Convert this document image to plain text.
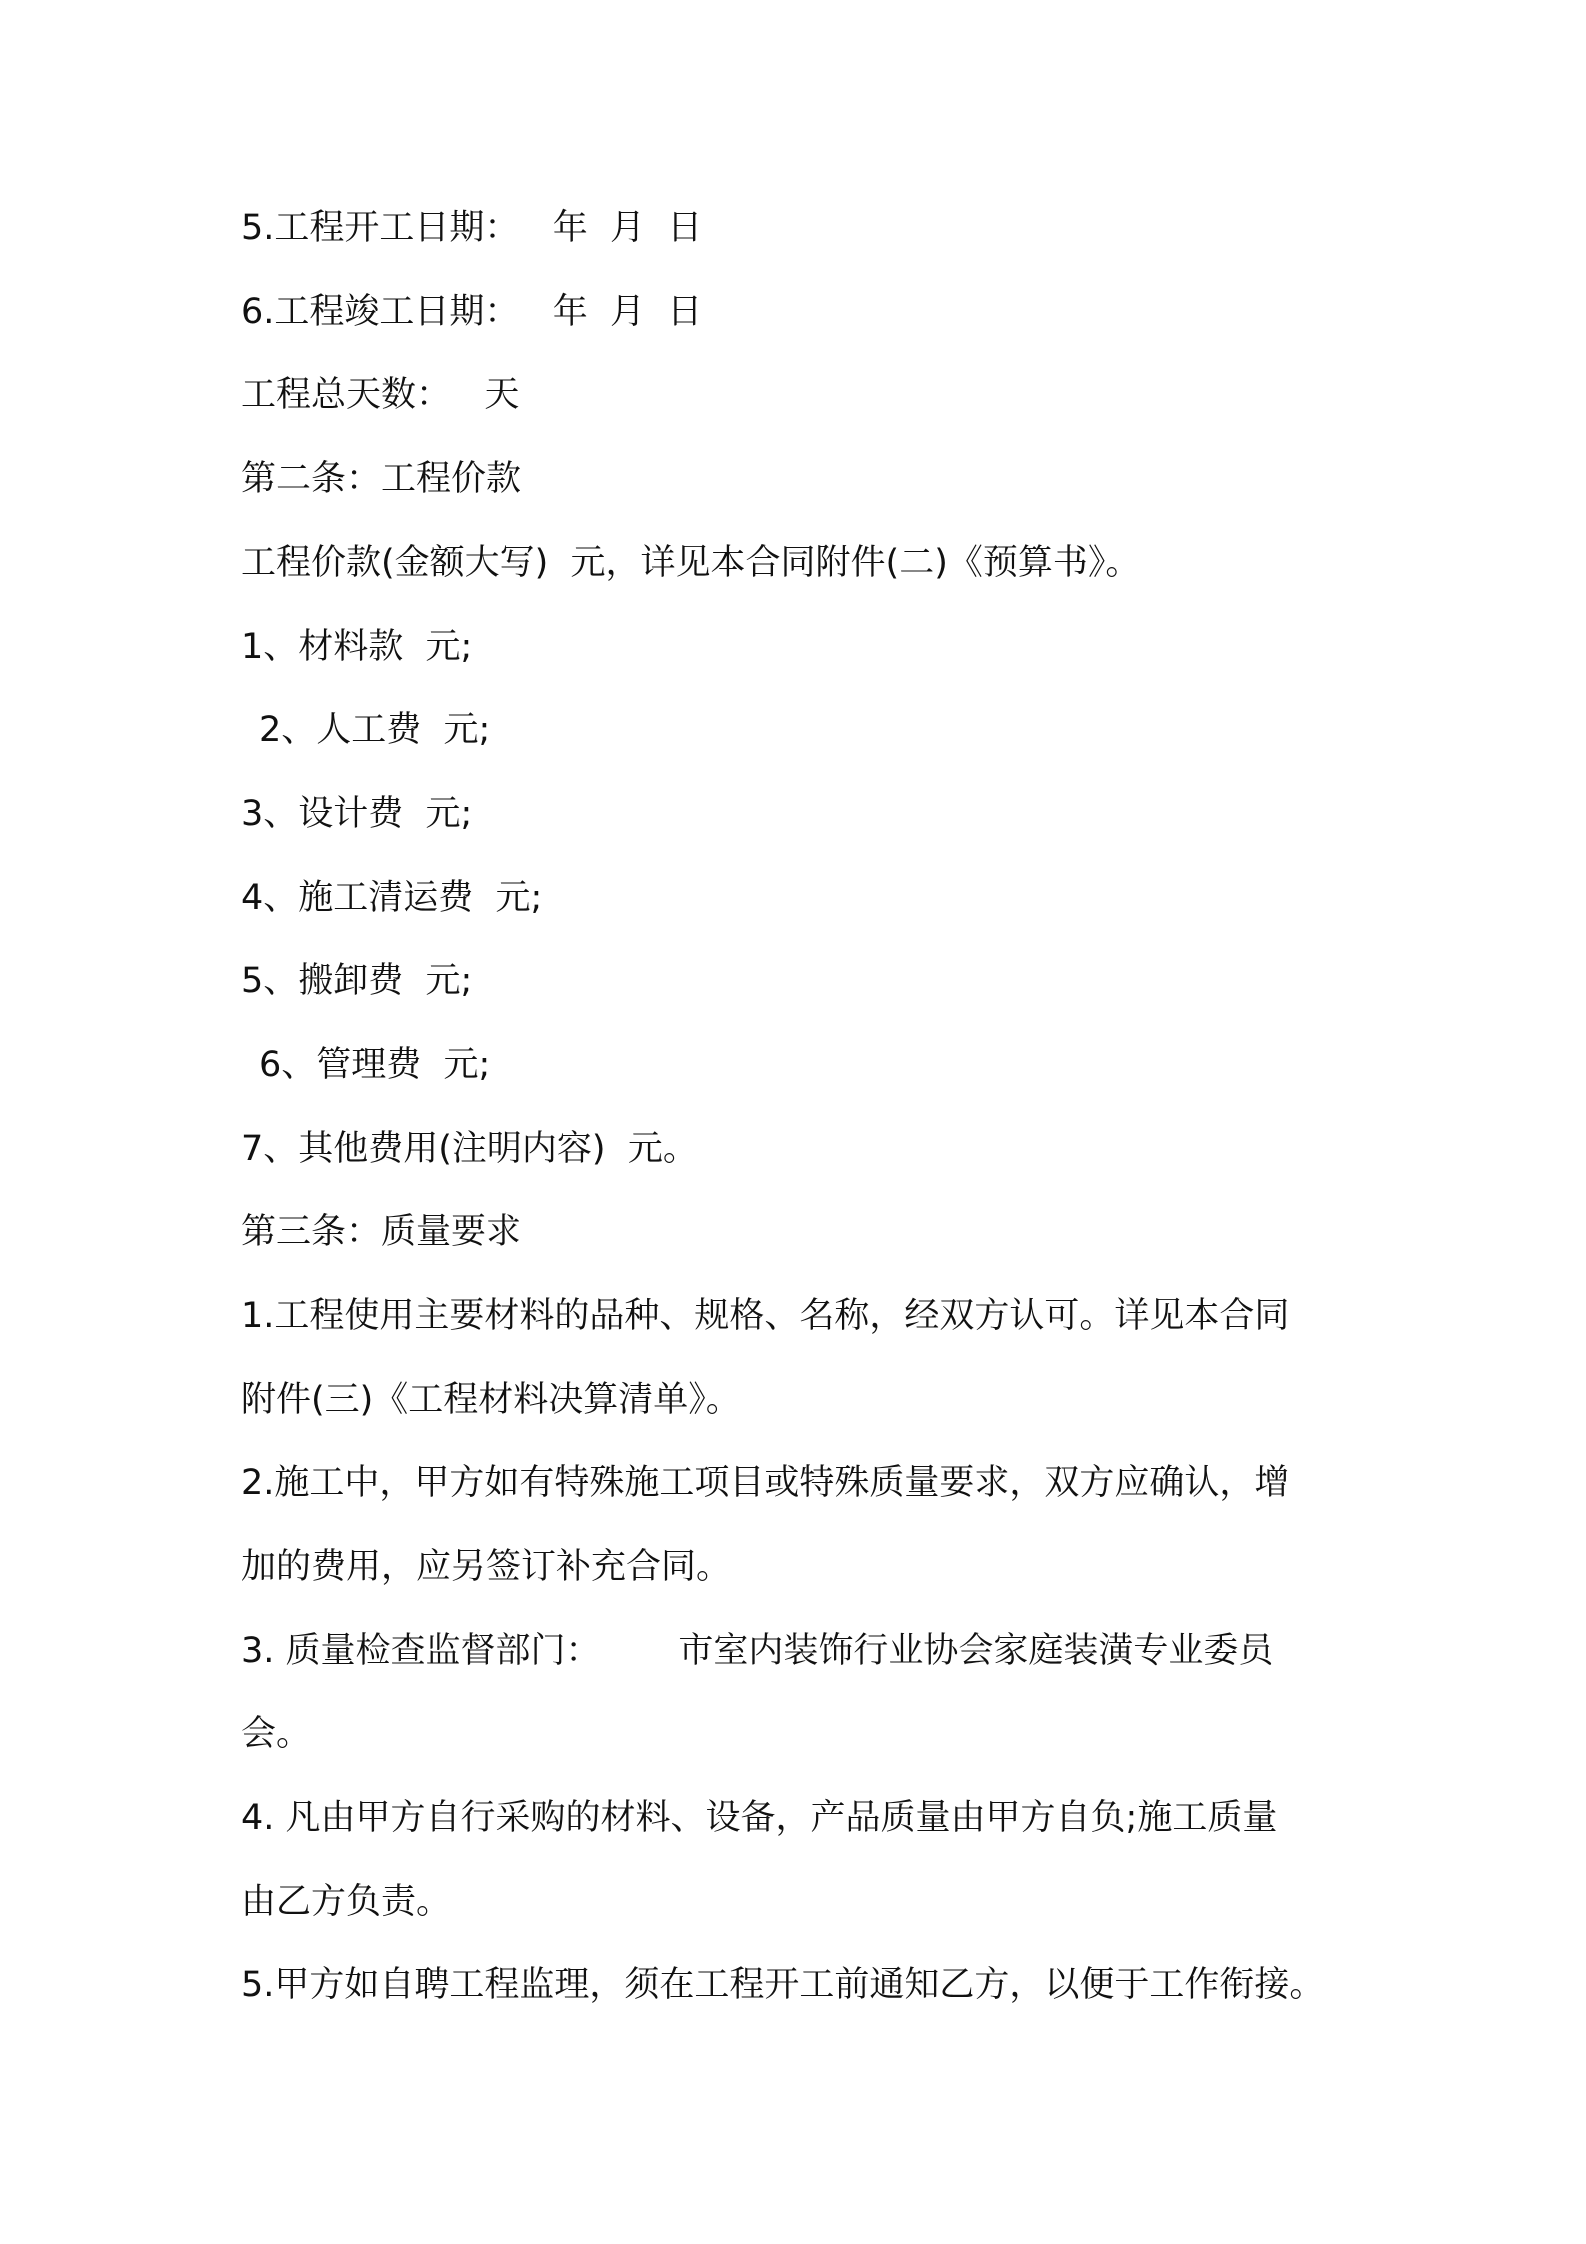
5.工程开工日期：   年  月  日
6.工程竣工日期：   年  月  日
工程总天数：   天
第二条：工程价款
工程价款(金额大写)  元，详见本合同附件(二)《预算书》。
1、材料款  元;
2、人工费  元;
3、设计费  元;
4、施工清运费  元;
5、搬卸费  元;
6、管理费  元;
7、其他费用(注明内容)  元。
第三条：质量要求
1.工程使用主要材料的品种、规格、名称，经双方认可。详见本合同
附件(三)《工程材料决算清单》。
2.施工中，甲方如有特殊施工项目或特殊质量要求，双方应确认，增
加的费用，应另签订补充合同。
3. 质量检查监督部门：       市室内装饰行业协会家庭装潢专业委员
会。
4. 凡由甲方自行采购的材料、设备，产品质量由甲方自负;施工质量
由乙方负责。
5.甲方如自聘工程监理，须在工程开工前通知乙方，以便于工作衔接。
